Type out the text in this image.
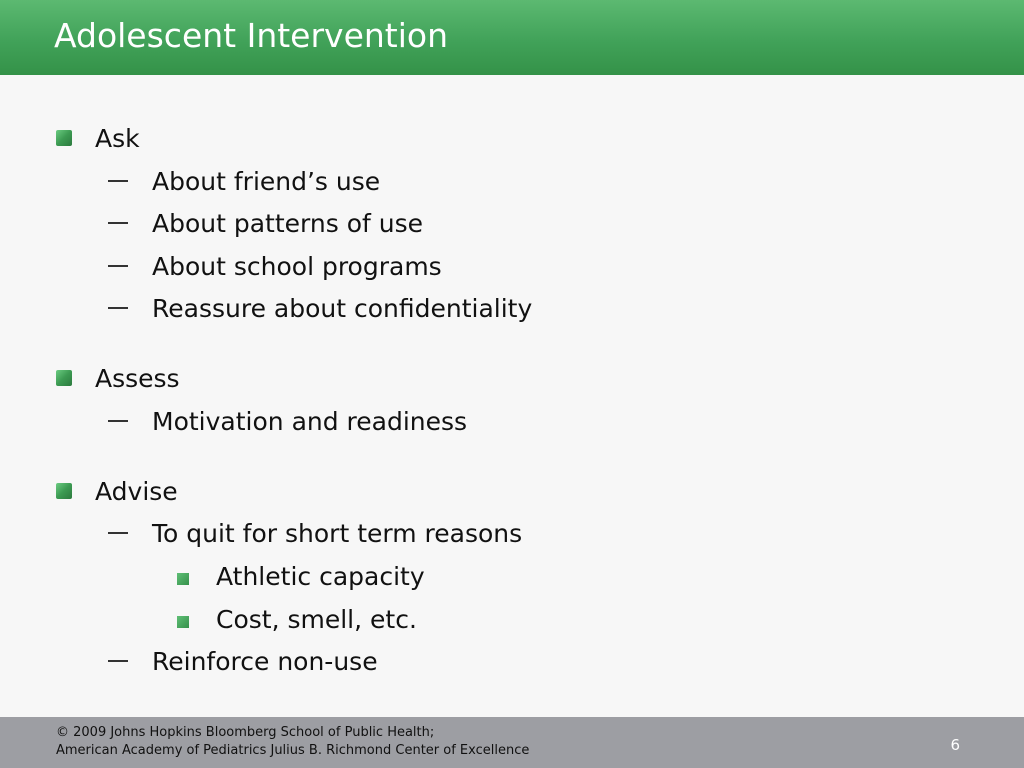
Adolescent Intervention
Ask
About friend’s use
About patterns of use
About school programs
Reassure about confidentiality
Assess
Motivation and readiness
Advise
To quit for short term reasons
Athletic capacity
Cost, smell, etc.
Reinforce non-use
© 2009 Johns Hopkins Bloomberg School of Public Health;
American Academy of Pediatrics Julius B. Richmond Center of Excellence	6
